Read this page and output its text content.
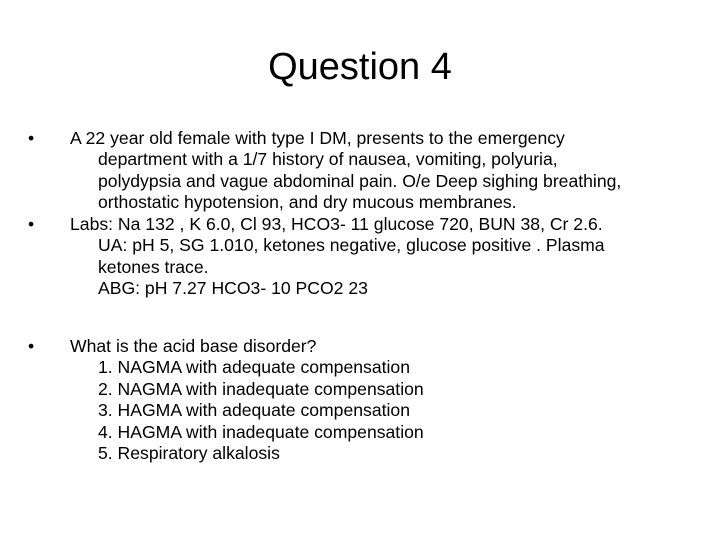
Question 4
•	A 22 year old female with type I DM, presents to the emergency
department with a 1/7 history of nausea, vomiting, polyuria,
polydypsia and vague abdominal pain. O/e Deep sighing breathing,
orthostatic hypotension, and dry mucous membranes.
•	Labs: Na 132 , K 6.0, Cl 93, HCO3- 11 glucose 720, BUN 38, Cr 2.6.
UA: pH 5, SG 1.010, ketones negative, glucose positive . Plasma
ketones trace.
ABG: pH 7.27 HCO3- 10 PCO2 23
•	What is the acid base disorder?
1. NAGMA with adequate compensation
2. NAGMA with inadequate compensation
3. HAGMA with adequate compensation
4. HAGMA with inadequate compensation
5. Respiratory alkalosis
